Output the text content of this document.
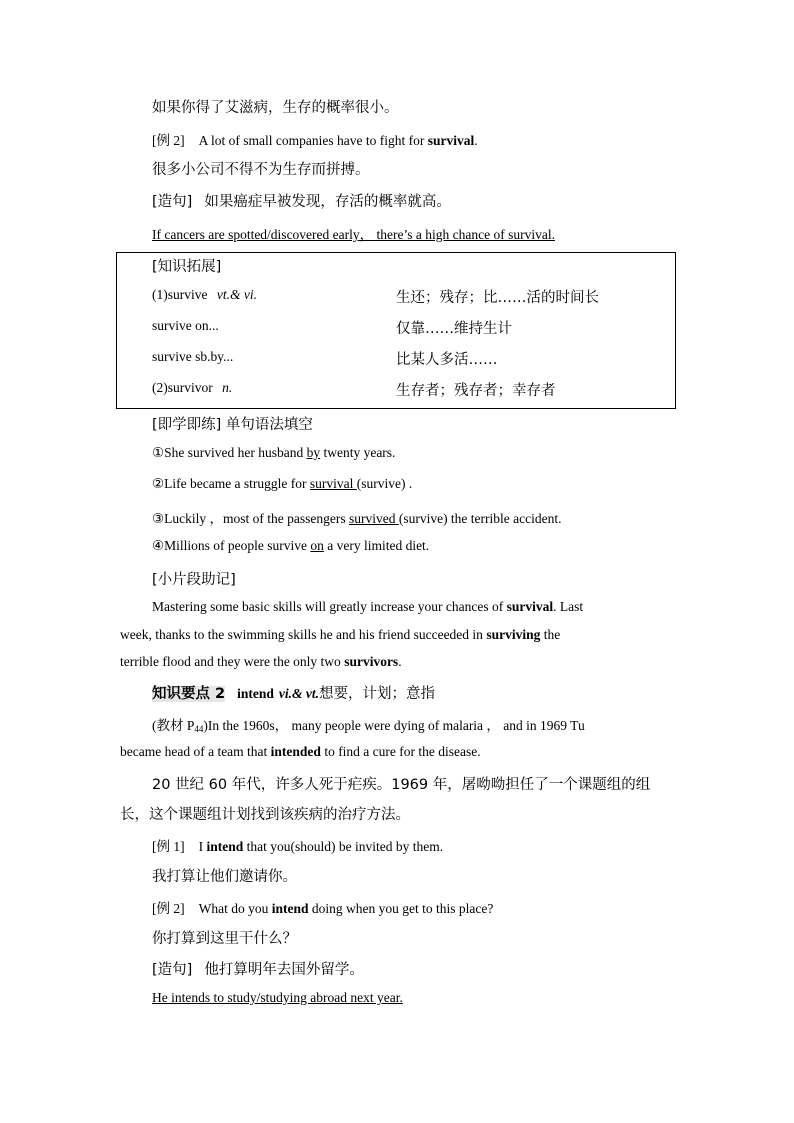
如果你得了艾滋病，生存的概率很小。
[例 2] A lot of small companies have to fight for survival.
很多小公司不得不为生存而拼搏。
[造句] 如果癌症早被发现，存活的概率就高。
If cancers are spotted/discovered early， there’s a high chance of survival.
[知识拓展]
(1)survive vt.& vi.	生还；残存；比……活的时间长
survive on...	仅靠……维持生计
survive sb.by...	比某人多活……
(2)survivor n.	生存者；残存者；幸存者
[即学即练] 单句语法填空
①She survived her husband by twenty years.
②Life became a struggle for survival (survive) .
③Luckily ，most of the passengers survived (survive) the terrible accident.
④Millions of people survive on a very limited diet.
[小片段助记]
Mastering some basic skills will greatly increase your chances of survival. Last
week, thanks to the swimming skills he and his friend succeeded in surviving the
terrible flood and they were the only two survivors.
知识要点 2 intend vi.& vt.想要，计划；意指
(教材 $P_{44})In$ the 1960s， many people were dying of malaria ， and in 1969 Tu
became head of a team that intended to find a cure for the disease.
20 世纪 60 年代，许多人死于疟疾。1969 年，屠呦呦担任了一个课题组的组
长，这个课题组计划找到该疾病的治疗方法。
[例 1] I intend that you(should) be invited by them.
我打算让他们邀请你。
[例 2] What do you intend doing when you get to this place?
你打算到这里干什么？
[造句] 他打算明年去国外留学。
He intends to study/studying abroad next year.
